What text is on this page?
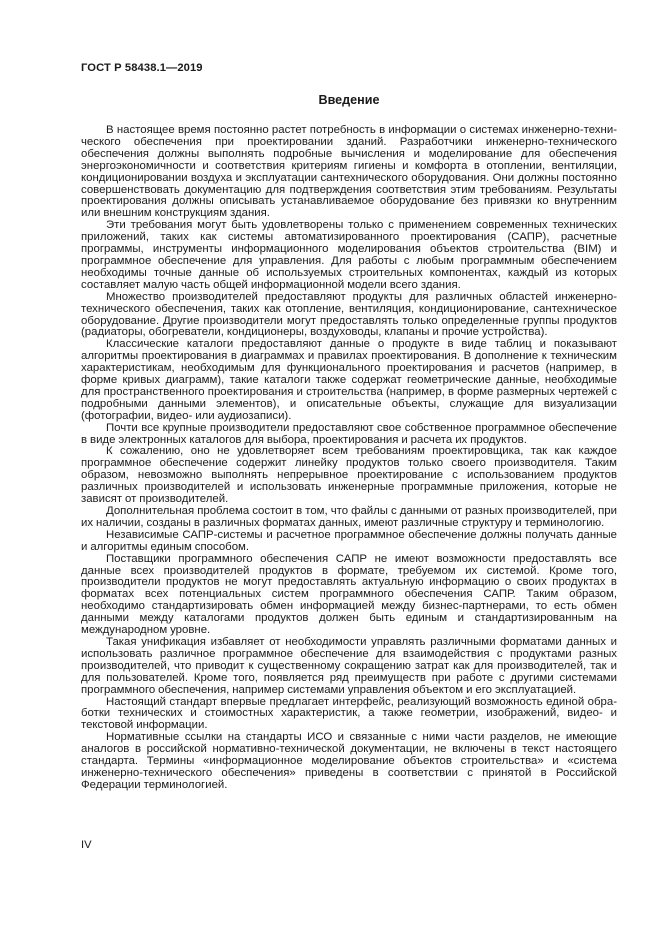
ГОСТ Р 58438.1—2019
Введение

В настоящее время постоянно растет потребность в информации о системах инженерно-технического обеспечения при проектировании зданий. Разработчики инженерно-технического обеспечения должны выполнять подробные вычисления и моделирование для обеспечения энергоэкономичности и соответствия критериям гигиены и комфорта в отоплении, вентиляции, кондиционировании воздуха и эксплуатации сантехнического оборудования. Они должны постоянно совершенствовать документацию для подтверждения соответствия этим требованиям. Результаты проектирования должны описывать устанавливаемое оборудование без привязки ко внутренним или внешним конструкциям здания.

Эти требования могут быть удовлетворены только с применением современных технических приложений, таких как системы автоматизированного проектирования (САПР), расчетные программы, инструменты информационного моделирования объектов строительства (BIM) и программное обеспечение для управления. Для работы с любым программным обеспечением необходимы точные данные об используемых строительных компонентах, каждый из которых составляет малую часть общей информационной модели всего здания.

Множество производителей предоставляют продукты для различных областей инженерно-технического обеспечения, таких как отопление, вентиляция, кондиционирование, сантехническое оборудование. Другие производители могут предоставлять только определенные группы продуктов (радиаторы, обогреватели, кондиционеры, воздуховоды, клапаны и прочие устройства).

Классические каталоги предоставляют данные о продукте в виде таблиц и показывают алгоритмы проектирования в диаграммах и правилах проектирования. В дополнение к техническим характеристикам, необходимым для функционального проектирования и расчетов (например, в форме кривых диаграмм), такие каталоги также содержат геометрические данные, необходимые для пространственного проектирования и строительства (например, в форме размерных чертежей с подробными данными элементов), и описательные объекты, служащие для визуализации (фотографии, видео- или аудиозаписи).

Почти все крупные производители предоставляют свое собственное программное обеспечение в виде электронных каталогов для выбора, проектирования и расчета их продуктов.

К сожалению, оно не удовлетворяет всем требованиям проектировщика, так как каждое программное обеспечение содержит линейку продуктов только своего производителя. Таким образом, невозможно выполнять непрерывное проектирование с использованием продуктов различных производителей и использовать инженерные программные приложения, которые не зависят от производителей.

Дополнительная проблема состоит в том, что файлы с данными от разных производителей, при их наличии, созданы в различных форматах данных, имеют различные структуру и терминологию.

Независимые САПР-системы и расчетное программное обеспечение должны получать данные и алгоритмы единым способом.

Поставщики программного обеспечения САПР не имеют возможности предоставлять все данные всех производителей продуктов в формате, требуемом их системой. Кроме того, производители продуктов не могут предоставлять актуальную информацию о своих продуктах в форматах всех потенциальных систем программного обеспечения САПР. Таким образом, необходимо стандартизировать обмен информацией между бизнес-партнерами, то есть обмен данными между каталогами продуктов должен быть единым и стандартизированным на международном уровне.

Такая унификация избавляет от необходимости управлять различными форматами данных и использовать различное программное обеспечение для взаимодействия с продуктами разных производителей, что приводит к существенному сокращению затрат как для производителей, так и для пользователей. Кроме того, появляется ряд преимуществ при работе с другими системами программного обеспечения, например системами управления объектом и его эксплуатацией.

Настоящий стандарт впервые предлагает интерфейс, реализующий возможность единой обработки технических и стоимостных характеристик, а также геометрии, изображений, видео- и текстовой информации.

Нормативные ссылки на стандарты ИСО и связанные с ними части разделов, не имеющие аналогов в российской нормативно-технической документации, не включены в текст настоящего стандарта. Термины «информационное моделирование объектов строительства» и «система инженерно-технического обеспечения» приведены в соответствии с принятой в Российской Федерации терминологией.

IV
